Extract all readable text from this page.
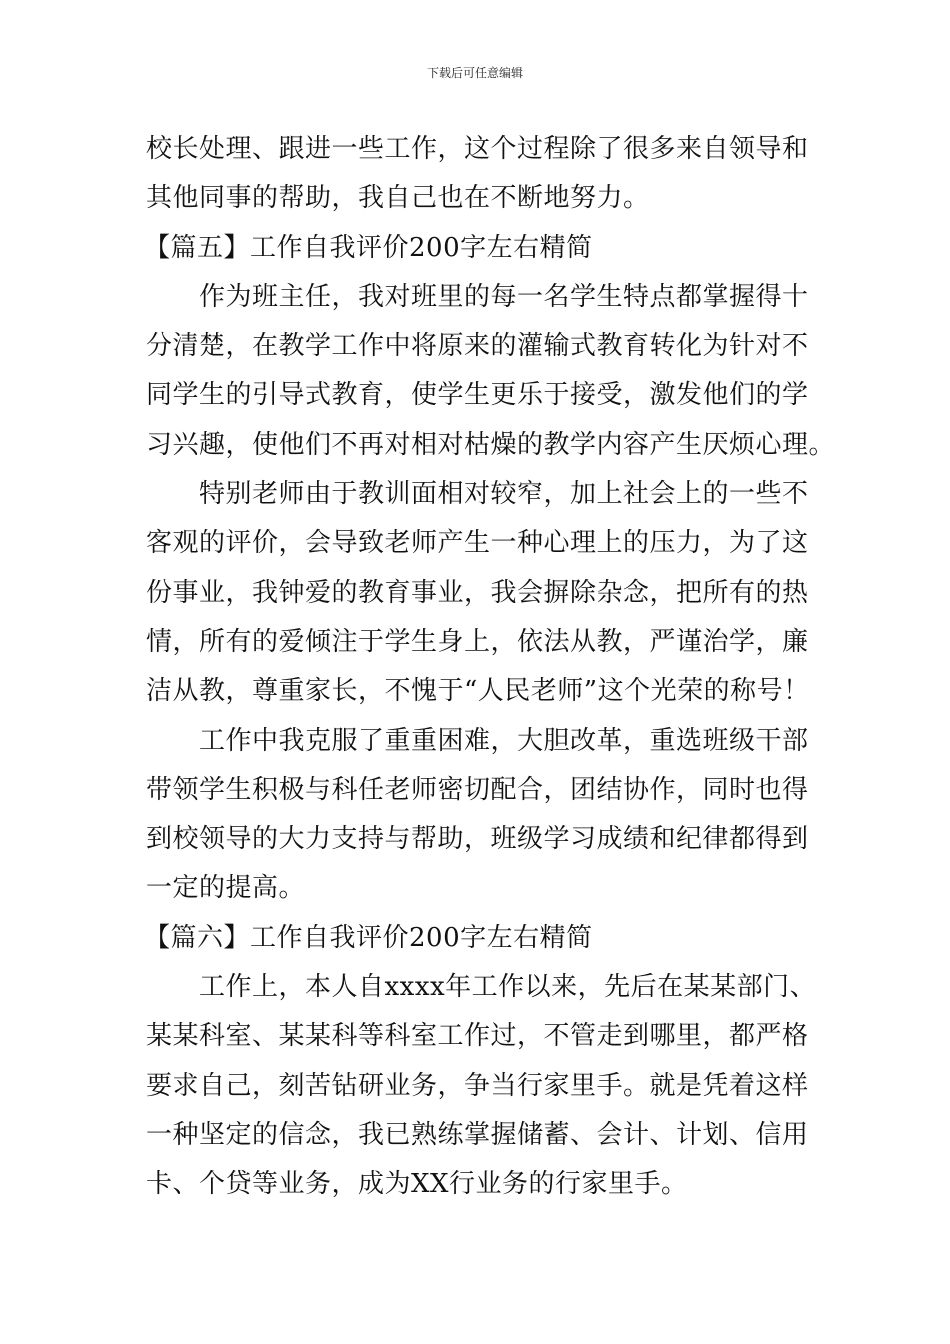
下载后可任意编辑
校长处理、跟进一些工作，这个过程除了很多来自领导和
其他同事的帮助，我自己也在不断地努力。
【篇五】工作自我评价200字左右精简
作为班主任，我对班里的每一名学生特点都掌握得十
分清楚，在教学工作中将原来的灌输式教育转化为针对不
同学生的引导式教育，使学生更乐于接受，激发他们的学
习兴趣，使他们不再对相对枯燥的教学内容产生厌烦心理。
特别老师由于教训面相对较窄，加上社会上的一些不
客观的评价，会导致老师产生一种心理上的压力，为了这
份事业，我钟爱的教育事业，我会摒除杂念，把所有的热
情，所有的爱倾注于学生身上，依法从教，严谨治学，廉
洁从教，尊重家长，不愧于“人民老师”这个光荣的称号！
工作中我克服了重重困难，大胆改革，重选班级干部
带领学生积极与科任老师密切配合，团结协作，同时也得
到校领导的大力支持与帮助，班级学习成绩和纪律都得到
一定的提高。
【篇六】工作自我评价200字左右精简
工作上，本人自xxxx年工作以来，先后在某某部门、
某某科室、某某科等科室工作过，不管走到哪里，都严格
要求自己，刻苦钻研业务，争当行家里手。就是凭着这样
一种坚定的信念，我已熟练掌握储蓄、会计、计划、信用
卡、个贷等业务，成为XX行业务的行家里手。
